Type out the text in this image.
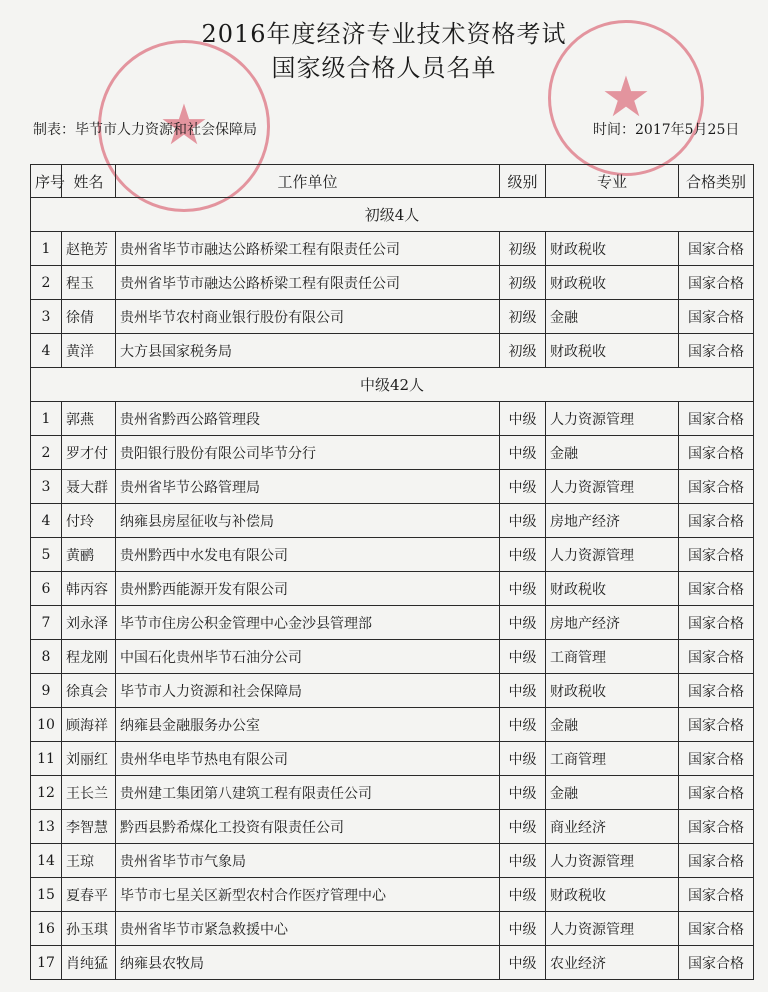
★	★
2016年度经济专业技术资格考试
国家级合格人员名单
制表：毕节市人力资源和社会保障局	时间：2017年5月25日
序号	姓名	工作单位	级别	专业	合格类别
初级4人					
1	赵艳芳	贵州省毕节市融达公路桥梁工程有限责任公司	初级	财政税收	国家合格
2	程玉	贵州省毕节市融达公路桥梁工程有限责任公司	初级	财政税收	国家合格
3	徐倩	贵州毕节农村商业银行股份有限公司	初级	金融	国家合格
4	黄洋	大方县国家税务局	初级	财政税收	国家合格
中级42人					
1	郭燕	贵州省黔西公路管理段	中级	人力资源管理	国家合格
2	罗才付	贵阳银行股份有限公司毕节分行	中级	金融	国家合格
3	聂大群	贵州省毕节公路管理局	中级	人力资源管理	国家合格
4	付玲	纳雍县房屋征收与补偿局	中级	房地产经济	国家合格
5	黄鹂	贵州黔西中水发电有限公司	中级	人力资源管理	国家合格
6	韩丙容	贵州黔西能源开发有限公司	中级	财政税收	国家合格
7	刘永泽	毕节市住房公积金管理中心金沙县管理部	中级	房地产经济	国家合格
8	程龙刚	中国石化贵州毕节石油分公司	中级	工商管理	国家合格
9	徐真会	毕节市人力资源和社会保障局	中级	财政税收	国家合格
10	顾海祥	纳雍县金融服务办公室	中级	金融	国家合格
11	刘丽红	贵州华电毕节热电有限公司	中级	工商管理	国家合格
12	王长兰	贵州建工集团第八建筑工程有限责任公司	中级	金融	国家合格
13	李智慧	黔西县黔希煤化工投资有限责任公司	中级	商业经济	国家合格
14	王琼	贵州省毕节市气象局	中级	人力资源管理	国家合格
15	夏春平	毕节市七星关区新型农村合作医疗管理中心	中级	财政税收	国家合格
16	孙玉琪	贵州省毕节市紧急救援中心	中级	人力资源管理	国家合格
17	肖纯猛	纳雍县农牧局	中级	农业经济	国家合格
